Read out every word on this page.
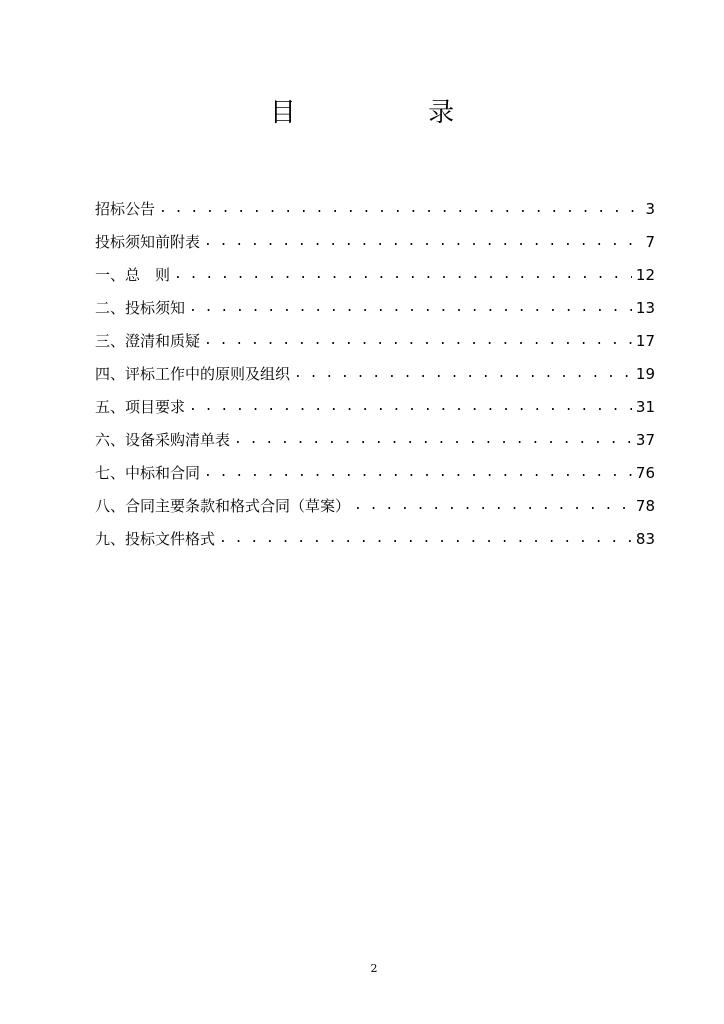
目 录
招标公告 . . .	3
投标须知前附表 . . .	7
一、 总　则 . . .	12
二、 投标须知 . . .	13
三、 澄清和质疑 . . .	17
四、 评标工作中的原则及组织 . . .	19
五、 项目要求 . . .	31
六、 设备采购清单表 . . .	37
七、 中标和合同 . . .	76
八、 合同主要条款和格式合同（草案） . . .	78
九、 投标文件格式 . . .	83
2
